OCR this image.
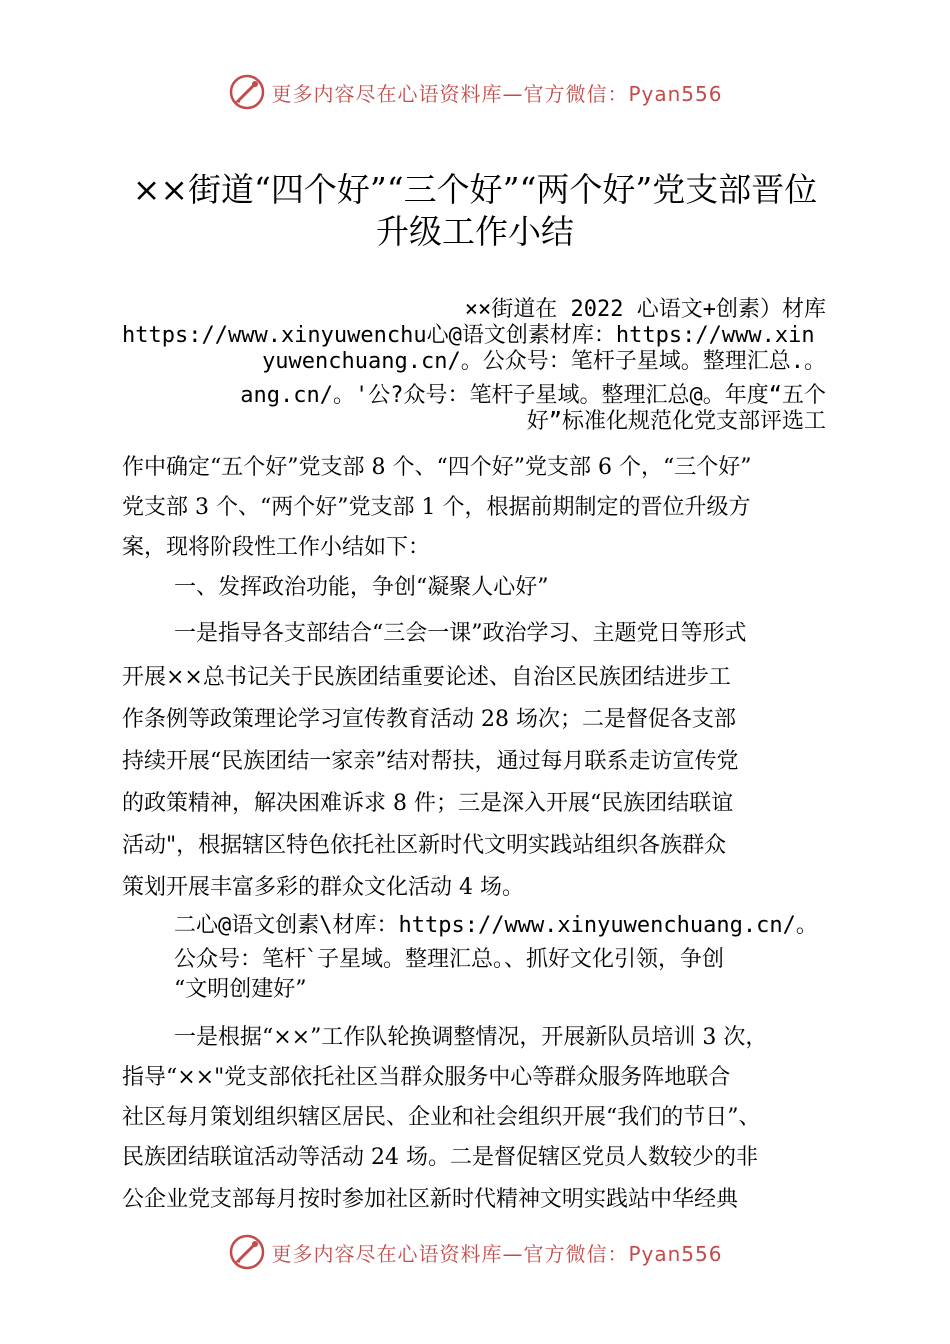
更多内容尽在心语资料库—官方微信：Pyan556
××街道“四个好”“三个好”“两个好”党支部晋位
升级工作小结
××街道在 2022 心语文+创素）材库
https://www.xinyuwenchu心@语文创素材库：https://www.xin
yuwenchuang.cn/。公众号：笔杆子星域。整理汇总.。
ang.cn/。'公?众号：笔杆子星域。整理汇总@。年度“五个
好”标准化规范化党支部评选工
作中确定“五个好”党支部 8 个、“四个好”党支部 6 个，“三个好”
党支部 3 个、“两个好”党支部 1 个，根据前期制定的晋位升级方
案，现将阶段性工作小结如下：
一、发挥政治功能，争创“凝聚人心好”
一是指导各支部结合“三会一课”政治学习、主题党日等形式
开展××总书记关于民族团结重要论述、自治区民族团结进步工
作条例等政策理论学习宣传教育活动 28 场次；二是督促各支部
持续开展“民族团结一家亲”结对帮扶，通过每月联系走访宣传党
的政策精神，解决困难诉求 8 件；三是深入开展“民族团结联谊
活动"，根据辖区特色依托社区新时代文明实践站组织各族群众
策划开展丰富多彩的群众文化活动 4 场。
二心@语文创素\材库：https://www.xinyuwenchuang.cn/。
公众号：笔杆`子星域。整理汇总。、抓好文化引领，争创
“文明创建好”
一是根据“××”工作队轮换调整情况，开展新队员培训 3 次，
指导“××"党支部依托社区当群众服务中心等群众服务阵地联合
社区每月策划组织辖区居民、企业和社会组织开展“我们的节日”、
民族团结联谊活动等活动 24 场。二是督促辖区党员人数较少的非
公企业党支部每月按时参加社区新时代精神文明实践站中华经典
更多内容尽在心语资料库—官方微信：Pyan556
